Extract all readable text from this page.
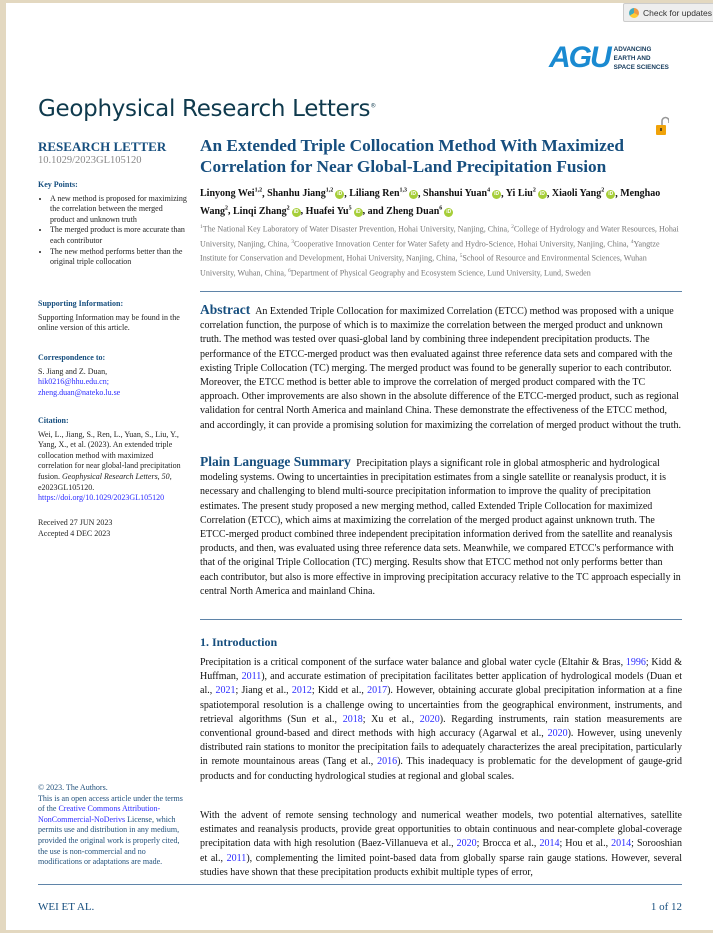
Check for updates
AGU ADVANCING
EARTH AND
SPACE SCIENCES
Geophysical Research Letters®
RESEARCH LETTER
10.1029/2023GL105120
Key Points:
• A new method is proposed for maximizing the correlation between the merged product and unknown truth
• The merged product is more accurate than each contributor
• The new method performs better than the original triple collocation
Supporting Information:
Supporting Information may be found in the online version of this article.
Correspondence to:
S. Jiang and Z. Duan,
hik0216@hhu.edu.cn;
zheng.duan@nateko.lu.se
Citation:
Wei, L., Jiang, S., Ren, L., Yuan, S., Liu, Y., Yang, X., et al. (2023). An extended triple collocation method with maximized correlation for near global-land precipitation fusion. Geophysical Research Letters, 50, e2023GL105120. https://doi.org/10.1029/2023GL105120
Received 27 JUN 2023
Accepted 4 DEC 2023
© 2023. The Authors.
This is an open access article under the terms of the Creative Commons Attribution-NonCommercial-NoDerivs License, which permits use and distribution in any medium, provided the original work is properly cited, the use is non-commercial and no modifications or adaptations are made.
An Extended Triple Collocation Method With Maximized Correlation for Near Global-Land Precipitation Fusion
Linyong Wei$^{1,2}$, Shanhu Jiang$^{1,2}$iD , Liliang Ren$^{1,3}$iD , Shanshui Yuan$^4$iD , Yi Liu$^2$iD , Xiaoli Yang$^2$iD , Menghao Wang$^2$, Linqi Zhang$^2$iD , Huafei Yu$^5$iD , and Zheng Duan$^6$iD
$^1$The National Key Laboratory of Water Disaster Prevention, Hohai University, Nanjing, China, $^2$College of Hydrology and Water Resources, Hohai University, Nanjing, China, $^3$Cooperative Innovation Center for Water Safety and Hydro-Science, Hohai University, Nanjing, China, $^4$Yangtze Institute for Conservation and Development, Hohai University, Nanjing, China, $^5$School of Resource and Environmental Sciences, Wuhan University, Wuhan, China, $^6$Department of Physical Geography and Ecosystem Science, Lund University, Lund, Sweden
Abstract An Extended Triple Collocation for maximized Correlation (ETCC) method was proposed with a unique correlation function, the purpose of which is to maximize the correlation between the merged product and unknown truth. The method was tested over quasi-global land by combining three independent precipitation products. The performance of the ETCC-merged product was then evaluated against three reference data sets and compared with the existing Triple Collocation (TC) merging. The merged product was found to be generally superior to each contributor. Moreover, the ETCC method is better able to improve the correlation of merged product compared with the TC approach. Other improvements are also shown in the absolute difference of the ETCC-merged product, such as regional validation for central North America and mainland China. These demonstrate the effectiveness of the ETCC method, and accordingly, it can provide a promising solution for maximizing the correlation of merged product without the truth.
Plain Language Summary Precipitation plays a significant role in global atmospheric and hydrological modeling systems. Owing to uncertainties in precipitation estimates from a single satellite or reanalysis product, it is necessary and challenging to blend multi-source precipitation information to improve the quality of precipitation estimates. The present study proposed a new merging method, called Extended Triple Collocation for maximized Correlation (ETCC), which aims at maximizing the correlation of the merged product against unknown truth. The ETCC-merged product combined three independent precipitation information derived from the satellite and reanalysis products, and then, was evaluated using three reference data sets. Meanwhile, we compared ETCC's performance with that of the original Triple Collocation (TC) merging. Results show that ETCC method not only performs better than each contributor, but also is more effective in improving precipitation accuracy relative to the TC approach especially in central North America and mainland China.
1. Introduction
Precipitation is a critical component of the surface water balance and global water cycle (Eltahir & Bras, 1996; Kidd & Huffman, 2011), and accurate estimation of precipitation facilitates better application of hydrological models (Duan et al., 2021; Jiang et al., 2012; Kidd et al., 2017). However, obtaining accurate global precipitation information at a fine spatiotemporal resolution is a challenge owing to uncertainties from the geographical environment, instruments, and retrieval algorithms (Sun et al., 2018; Xu et al., 2020). Regarding instruments, rain station measurements are conventional ground-based and direct methods with high accuracy (Agarwal et al., 2020). However, using unevenly distributed rain stations to monitor the precipitation fails to adequately characterizes the areal precipitation, particularly in remote mountainous areas (Tang et al., 2016). This inadequacy is problematic for the development of gauge-grid products and for conducting hydrological studies at regional and global scales.
With the advent of remote sensing technology and numerical weather models, two potential alternatives, satellite estimates and reanalysis products, provide great opportunities to obtain continuous and near-complete global-coverage precipitation data with high resolution (Baez-Villanueva et al., 2020; Brocca et al., 2014; Hou et al., 2014; Sorooshian et al., 2011), complementing the limited point-based data from globally sparse rain gauge stations. However, several studies have shown that these precipitation products exhibit multiple types of error,
WEI ET AL.	1 of 12
